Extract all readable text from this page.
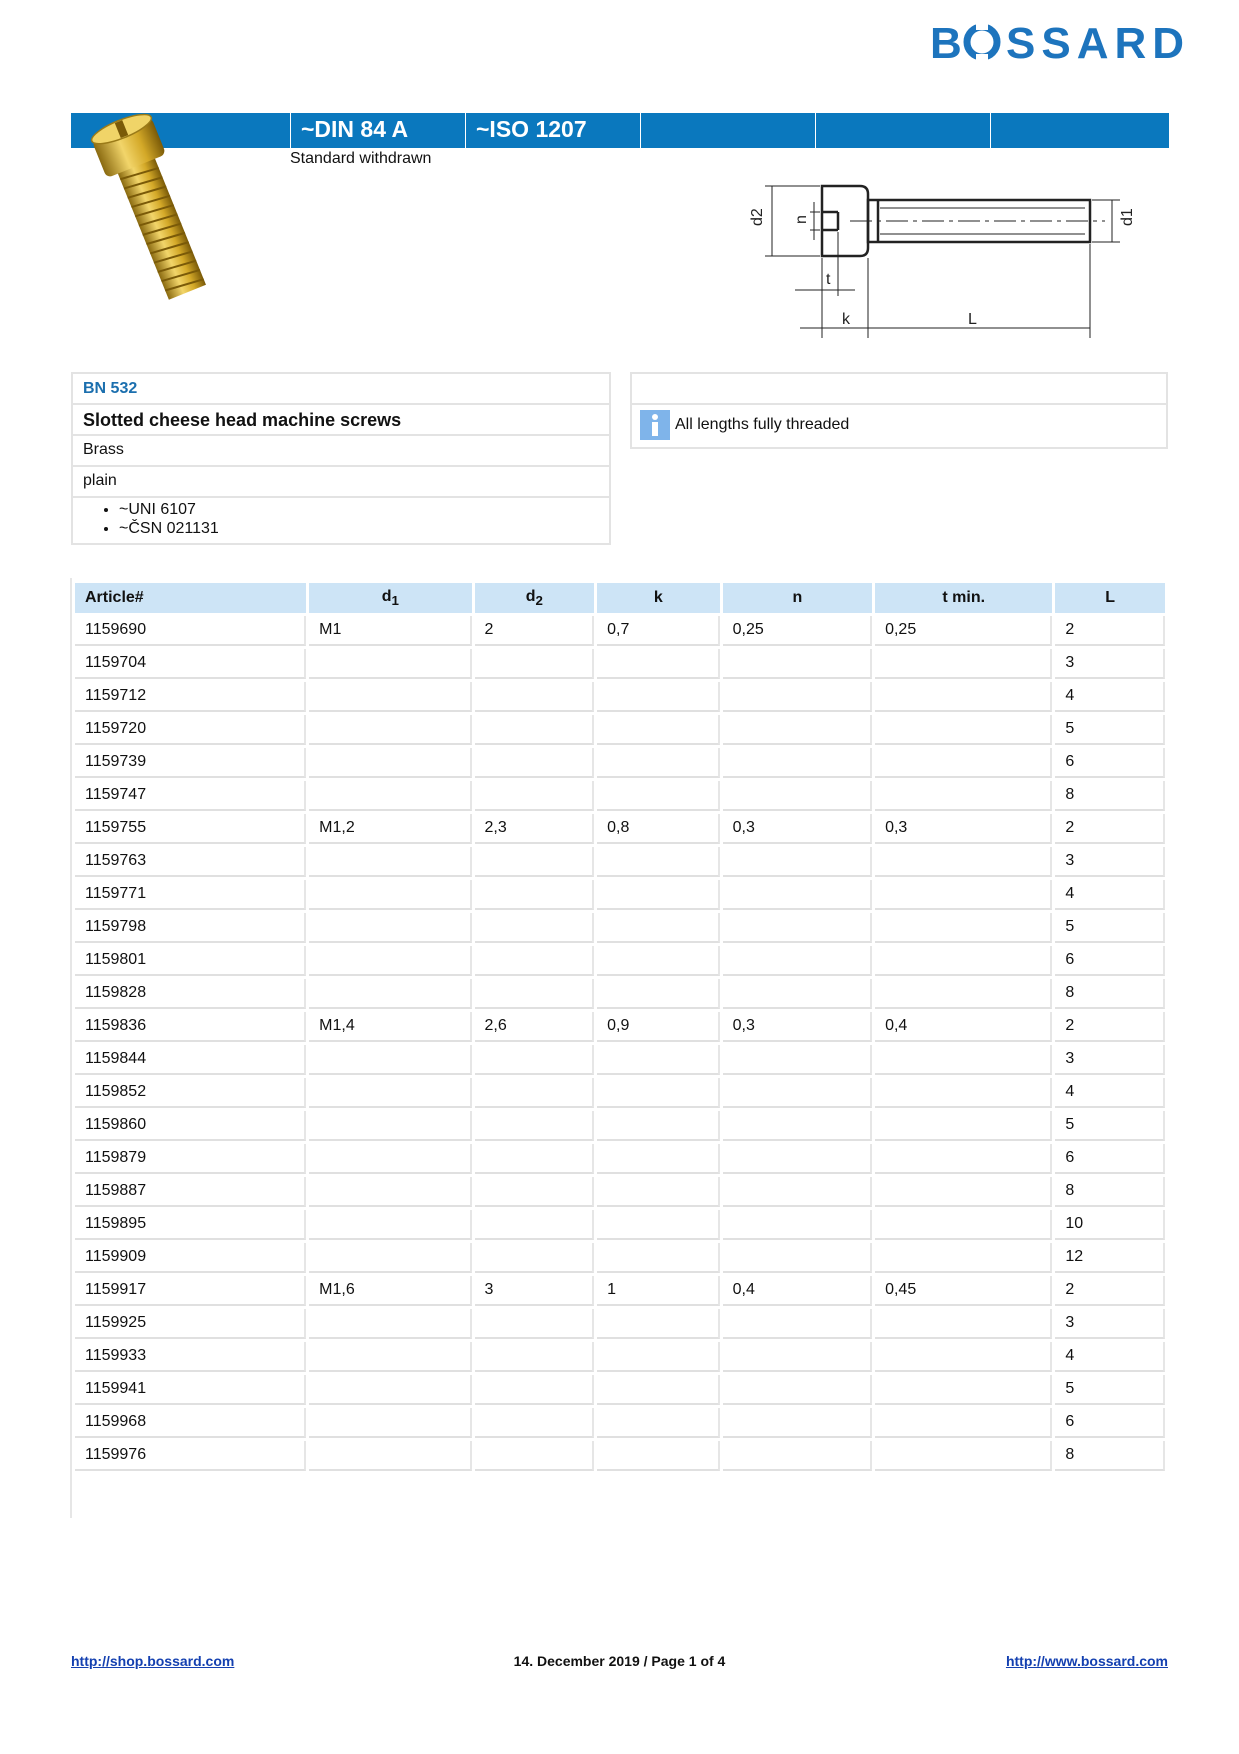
B SSARD
~DIN 84 A	~ISO 1207
Standard withdrawn
d2 n	d1
t
k	L
BN 532
Slotted cheese head machine screws
Brass
plain
• ~UNI 6107
• ~ČSN 021131
All lengths fully threaded
Article#	$d_1$	$d_2$	k	n	t min.	L
1159690	M1	2	0,7	0,25	0,25	2
1159704						3
1159712						4
1159720						5
1159739						6
1159747						8
1159755	M1,2	2,3	0,8	0,3	0,3	2
1159763						3
1159771						4
1159798						5
1159801						6
1159828						8
1159836	M1,4	2,6	0,9	0,3	0,4	2
1159844						3
1159852						4
1159860						5
1159879						6
1159887						8
1159895						10
1159909						12
1159917	M1,6	3	1	0,4	0,45	2
1159925						3
1159933						4
1159941						5
1159968						6
1159976						8
http://shop.bossard.com	14. December 2019 / Page 1 of 4	http://www.bossard.com
